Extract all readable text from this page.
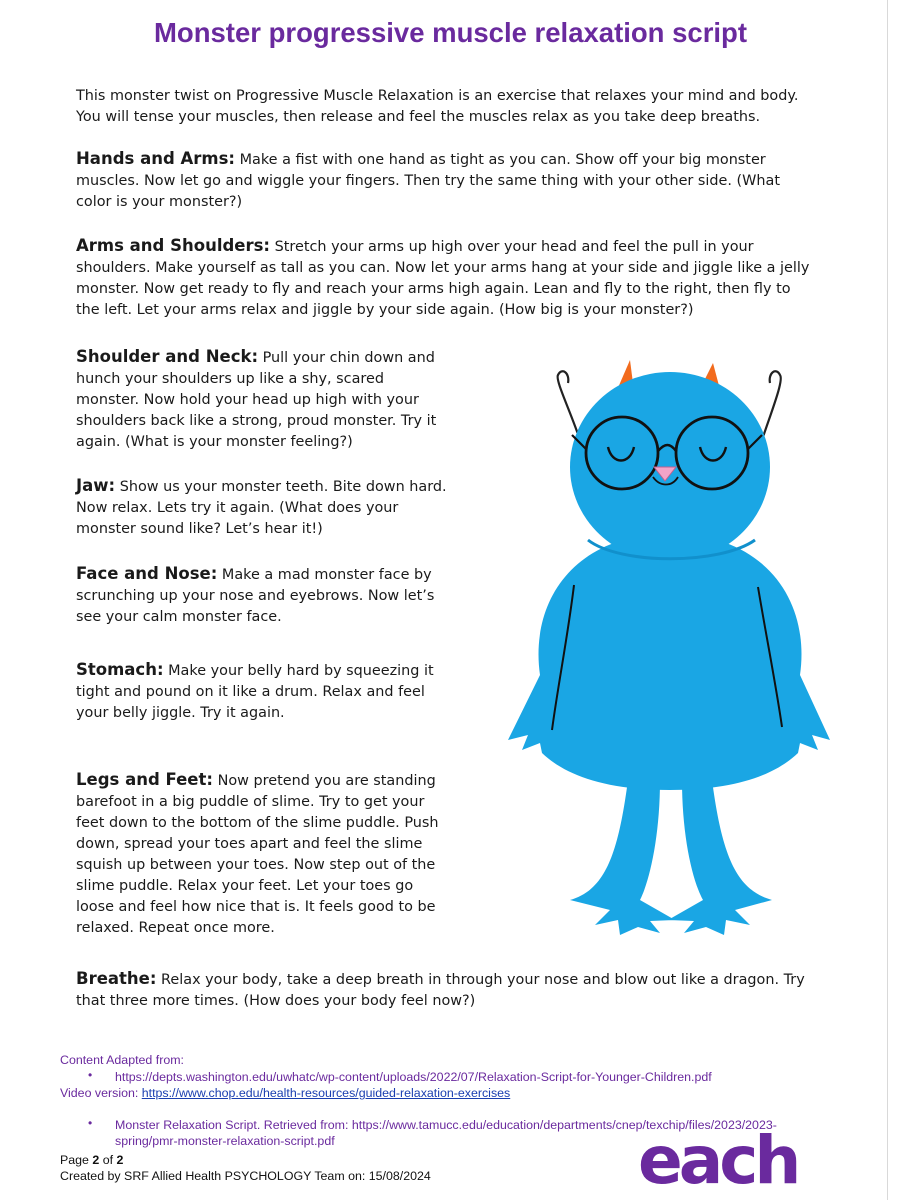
Monster progressive muscle relaxation script

This monster twist on Progressive Muscle Relaxation is an exercise that relaxes your mind and body. You will tense your muscles, then release and feel the muscles relax as you take deep breaths.

Hands and Arms: Make a fist with one hand as tight as you can. Show off your big monster muscles. Now let go and wiggle your fingers. Then try the same thing with your other side. (What color is your monster?)

Arms and Shoulders: Stretch your arms up high over your head and feel the pull in your shoulders. Make yourself as tall as you can. Now let your arms hang at your side and jiggle like a jelly monster. Now get ready to fly and reach your arms high again. Lean and fly to the right, then fly to the left. Let your arms relax and jiggle by your side again. (How big is your monster?)

Shoulder and Neck: Pull your chin down and hunch your shoulders up like a shy, scared monster. Now hold your head up high with your shoulders back like a strong, proud monster. Try it again. (What is your monster feeling?)

Jaw: Show us your monster teeth. Bite down hard. Now relax. Lets try it again. (What does your monster sound like? Let’s hear it!)

Face and Nose: Make a mad monster face by scrunching up your nose and eyebrows. Now let’s see your calm monster face.

Stomach: Make your belly hard by squeezing it tight and pound on it like a drum. Relax and feel your belly jiggle. Try it again.

Legs and Feet: Now pretend you are standing barefoot in a big puddle of slime. Try to get your feet down to the bottom of the slime puddle. Push down, spread your toes apart and feel the slime squish up between your toes. Now step out of the slime puddle. Relax your feet. Let your toes go loose and feel how nice that is. It feels good to be relaxed. Repeat once more.

Breathe: Relax your body, take a deep breath in through your nose and blow out like a dragon. Try that three more times. (How does your body feel now?)

Content Adapted from:
• https://depts.washington.edu/uwhatc/wp-content/uploads/2022/07/Relaxation-Script-for-Younger-Children.pdf
Video version: https://www.chop.edu/health-resources/guided-relaxation-exercises
• Monster Relaxation Script. Retrieved from: https://www.tamucc.edu/education/departments/cnep/texchip/files/2023/2023-
spring/pmr-monster-relaxation-script.pdf
Page 2 of 2
Created by SRF Allied Health PSYCHOLOGY Team on: 15/08/2024	each
